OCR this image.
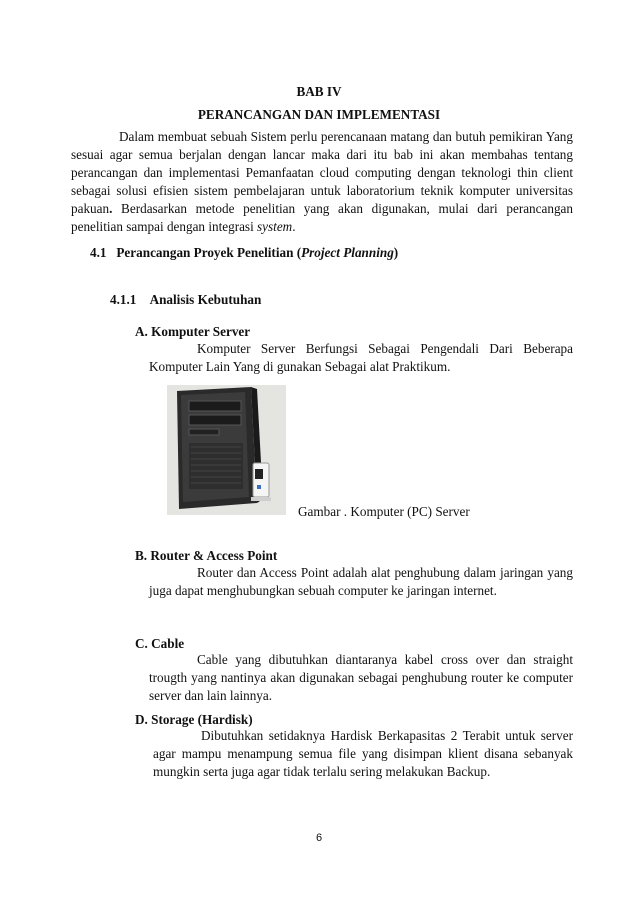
BAB IV
PERANCANGAN DAN IMPLEMENTASI
Dalam membuat sebuah Sistem perlu perencanaan matang dan butuh pemikiran Yang sesuai agar semua berjalan dengan lancar maka dari itu bab ini akan membahas tentang perancangan dan implementasi Pemanfaatan cloud computing dengan teknologi thin client sebagai solusi efisien sistem pembelajaran untuk laboratorium teknik komputer universitas pakuan. Berdasarkan metode penelitian yang akan digunakan, mulai dari perancangan penelitian sampai dengan integrasi system.
4.1 Perancangan Proyek Penelitian (Project Planning)
4.1.1 Analisis Kebutuhan
A. Komputer Server
Komputer Server Berfungsi Sebagai Pengendali Dari Beberapa Komputer Lain Yang di gunakan Sebagai alat Praktikum.
Gambar . Komputer (PC) Server
B. Router & Access Point
Router dan Access Point adalah alat penghubung dalam jaringan yang juga dapat menghubungkan sebuah computer ke jaringan internet.
C. Cable
Cable yang dibutuhkan diantaranya kabel cross over dan straight trougth yang nantinya akan digunakan sebagai penghubung router ke computer server dan lain lainnya.
D. Storage (Hardisk)
Dibutuhkan setidaknya Hardisk Berkapasitas 2 Terabit untuk server agar mampu menampung semua file yang disimpan klient disana sebanyak mungkin serta juga agar tidak terlalu sering melakukan Backup.
6
